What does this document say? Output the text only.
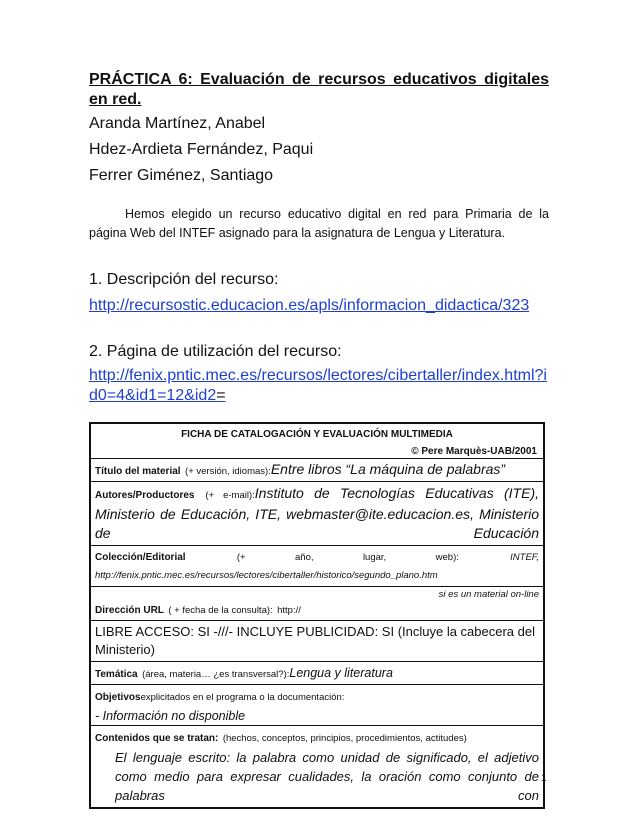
PRÁCTICA 6: Evaluación de recursos educativos digitales en red.
Aranda Martínez, Anabel
Hdez-Ardieta Fernández, Paqui
Ferrer Giménez, Santiago
Hemos elegido un recurso educativo digital en red para Primaria de la página Web del INTEF asignado para la asignatura de Lengua y Literatura.
1. Descripción del recurso:
http://recursostic.educacion.es/apls/informacion_didactica/323
2. Página de utilización del recurso:
http://fenix.pntic.mec.es/recursos/lectores/cibertaller/index.html?id0=4&id1=12&id2=
FICHA DE CATALOGACIÓN Y EVALUACIÓN MULTIMEDIA
© Pere Marquès-UAB/2001
Título del material (+ versión, idiomas):Entre libros “La máquina de palabras”
Autores/Productores (+ e-mail):Instituto de Tecnologías Educativas (ITE), Ministerio de Educación, ITE, webmaster@ite.educacion.es, Ministerio de Educación
Colección/Editorial	(+ año, lugar, web):	INTEF, http://fenix.pntic.mec.es/recursos/lectores/cibertaller/historico/segundo_plano.htm
si es un material on-line
Dirección URL ( + fecha de la consulta): http://
LIBRE ACCESO: SI -///- INCLUYE PUBLICIDAD: SI (Incluye la cabecera del Ministerio)
Temática (área, materia… ¿es transversal?):Lengua y literatura
Objetivosexplicitados en el programa o la documentación:
- Información no disponible
Contenidos que se tratan: (hechos, conceptos, principios, procedimientos, actitudes)
El lenguaje escrito: la palabra como unidad de significado, el adjetivo como medio para expresar cualidades, la oración como conjunto de palabras con
1
